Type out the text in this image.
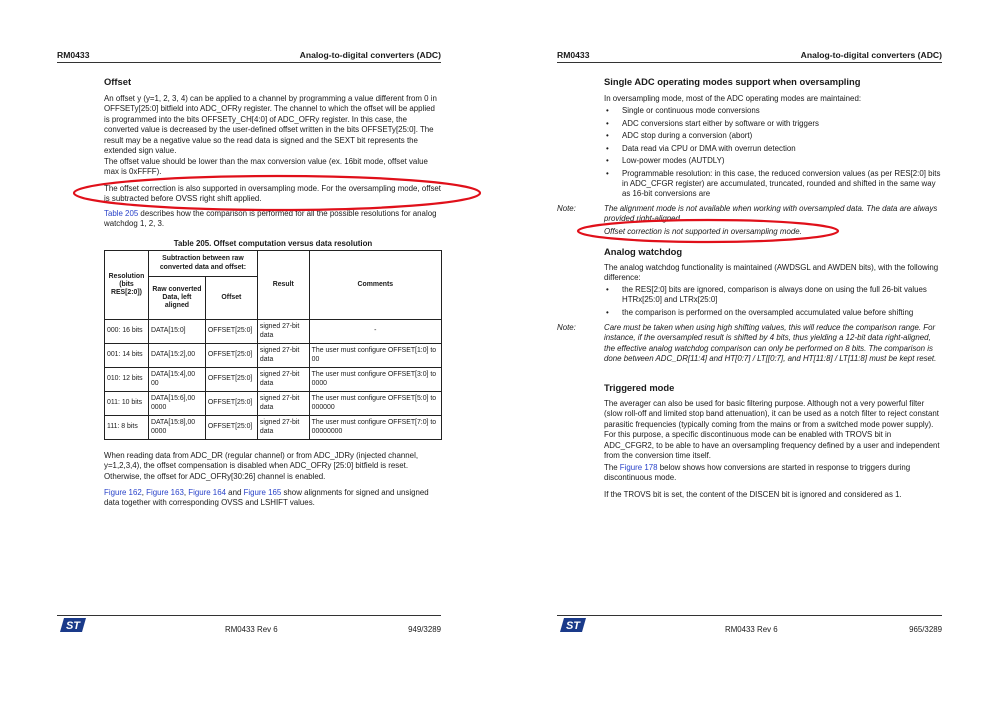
RM0433	Analog-to-digital converters (ADC)
Offset

An offset y (y=1, 2, 3, 4) can be applied to a channel by programming a value different from 0 in OFFSETy[25:0] bitfield into ADC_OFRy register. The channel to which the offset will be applied is programmed into the bits OFFSETy_CH[4:0] of ADC_OFRy register. In this case, the converted value is decreased by the user-defined offset written in the bits OFFSETy[25:0]. The result may be a negative value so the read data is signed and the SEXT bit represents the extended sign value.

The offset value should be lower than the max conversion value (ex. 16bit mode, offset value max is 0xFFFF).

The offset correction is also supported in oversampling mode. For the oversampling mode, offset is subtracted before OVSS right shift applied.

Table 205 describes how the comparison is performed for all the possible resolutions for analog watchdog 1, 2, 3.

Table 205. Offset computation versus data resolution
Resolution (bits RES[2:0])	Subtraction between raw converted data and offset:		Result	Comments
	Raw converted Data, left aligned	Offset		
000: 16 bits	DATA[15:0]	OFFSET[25:0]	signed 27-bit data	-
001: 14 bits	DATA[15:2],00	OFFSET[25:0]	signed 27-bit data	The user must configure OFFSET[1:0] to 00
010: 12 bits	DATA[15:4],00 00	OFFSET[25:0]	signed 27-bit data	The user must configure OFFSET[3:0] to 0000
011: 10 bits	DATA[15:6],00 0000	OFFSET[25:0]	signed 27-bit data	The user must configure OFFSET[5:0] to 000000
111: 8 bits	DATA[15:8],00 0000	OFFSET[25:0]	signed 27-bit data	The user must configure OFFSET[7:0] to 00000000

When reading data from ADC_DR (regular channel) or from ADC_JDRy (injected channel, y=1,2,3,4), the offset compensation is disabled when ADC_OFRy [25:0] bitfield is reset. Otherwise, the offset for ADC_OFRy[30:26] channel is enabled.

Figure 162, Figure 163, Figure 164 and Figure 165 show alignments for signed and unsigned data together with corresponding OVSS and LSHIFT values.

ST	RM0433 Rev 6	949/3289
RM0433	Analog-to-digital converters (ADC)
Single ADC operating modes support when oversampling

In oversampling mode, most of the ADC operating modes are maintained:

• Single or continuous mode conversions
• ADC conversions start either by software or with triggers
• ADC stop during a conversion (abort)
• Data read via CPU or DMA with overrun detection
• Low-power modes (AUTDLY)
• Programmable resolution: in this case, the reduced conversion values (as per RES[2:0] bits in ADC_CFGR register) are accumulated, truncated, rounded and shifted in the same way as 16-bit conversions are
Note:	The alignment mode is not available when working with oversampled data. The data are always provided right-aligned.

Offset correction is not supported in oversampling mode.

Analog watchdog

The analog watchdog functionality is maintained (AWDSGL and AWDEN bits), with the following difference:

• the RES[2:0] bits are ignored, comparison is always done on using the full 26-bit values HTRx[25:0] and LTRx[25:0]
• the comparison is performed on the oversampled accumulated value before shifting
Note:	Care must be taken when using high shifting values, this will reduce the comparison range. For instance, if the oversampled result is shifted by 4 bits, thus yielding a 12-bit data right-aligned, the effective analog watchdog comparison can only be performed on 8 bits. The comparison is done between ADC_DR[11:4] and HT[0:7] / LT[[0:7], and HT[11:8] / LT[11:8] must be kept reset.

Triggered mode

The averager can also be used for basic filtering purpose. Although not a very powerful filter (slow roll-off and limited stop band attenuation), it can be used as a notch filter to reject constant parasitic frequencies (typically coming from the mains or from a switched mode power supply). For this purpose, a specific discontinuous mode can be enabled with TROVS bit in ADC_CFGR2, to be able to have an oversampling frequency defined by a user and independent from the conversion time itself.

The Figure 178 below shows how conversions are started in response to triggers during discontinuous mode.

If the TROVS bit is set, the content of the DISCEN bit is ignored and considered as 1.

ST	RM0433 Rev 6	965/3289
